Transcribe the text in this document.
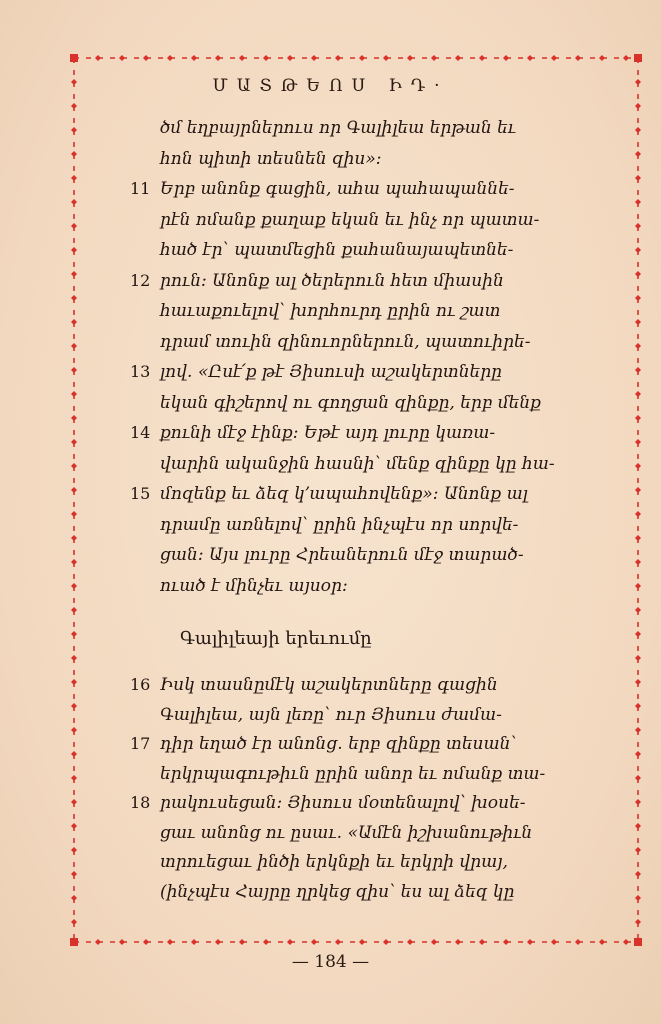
ՄԱՏԹԵՈՍ ԻԴ·
ծմ եղբայրներուս որ Գալիլեա երթան եւ
հոն պիտի տեսնեն զիս»։
Երբ անոնք գացին, ահա պահապաննե-
րէն ոմանք քաղաք եկան եւ ինչ որ պատա-
հած էր՝ պատմեցին քահանայապետնե-
րուն։ Անոնք ալ ծերերուն հետ միասին
հաւաքուելով՝ խորհուրդ ըրին ու շատ
դրամ տուին զինուորներուն, պատուիրե-
լով․ «Ըսէ՛ք թէ Յիսուսի աշակերտները
եկան գիշերով ու գողցան զինքը, երբ մենք
քունի մէջ էինք։ Եթէ այդ լուրը կառա-
վարին ականջին հասնի՝ մենք զինքը կը հա-
մոզենք եւ ձեզ կ՚ապահովենք»։ Անոնք ալ
դրամը առնելով՝ ըրին ինչպէս որ սորվե-
ցան։ Այս լուրը Հրեաներուն մէջ տարած-
ուած է մինչեւ այսօր։
11
12
13
14
15
Գալիլեայի երեւումը
Իսկ տասնըմէկ աշակերտները գացին
Գալիլեա, այն լեռը՝ ուր Յիսուս ժամա-
դիր եղած էր անոնց․ երբ զինքը տեսան՝
երկրպագութիւն ըրին անոր եւ ոմանք տա-
րակուսեցան։ Յիսուս մօտենալով՝ խօսե-
ցաւ անոնց ու ըսաւ․ «Ամէն իշխանութիւն
տրուեցաւ ինծի երկնքի եւ երկրի վրայ,
(ինչպէս Հայրը ղրկեց զիս՝ ես ալ ձեզ կը
16
17
18
— 184 —
